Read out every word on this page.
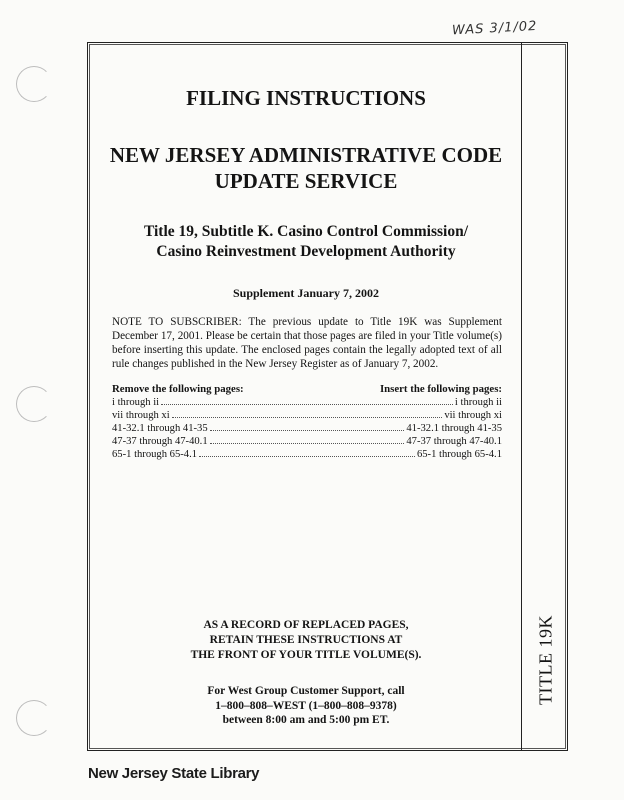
WAS 3/1/02
TITLE 19K
FILING INSTRUCTIONS
NEW JERSEY ADMINISTRATIVE CODE
UPDATE SERVICE
Title 19, Subtitle K. Casino Control Commission/
Casino Reinvestment Development Authority
Supplement January 7, 2002
NOTE TO SUBSCRIBER: The previous update to Title 19K was Supplement December 17, 2001. Please be certain that those pages are filed in your Title volume(s) before inserting this update. The enclosed pages contain the legally adopted text of all rule changes published in the New Jersey Register as of January 7, 2002.
Remove the following pages:	Insert the following pages:
i through ii	i through ii
vii through xi	vii through xi
41-32.1 through 41-35	41-32.1 through 41-35
47-37 through 47-40.1	47-37 through 47-40.1
65-1 through 65-4.1	65-1 through 65-4.1
AS A RECORD OF REPLACED PAGES,
RETAIN THESE INSTRUCTIONS AT
THE FRONT OF YOUR TITLE VOLUME(S).
For West Group Customer Support, call
1–800–808–WEST (1–800–808–9378)
between 8:00 am and 5:00 pm ET.
New Jersey State Library
